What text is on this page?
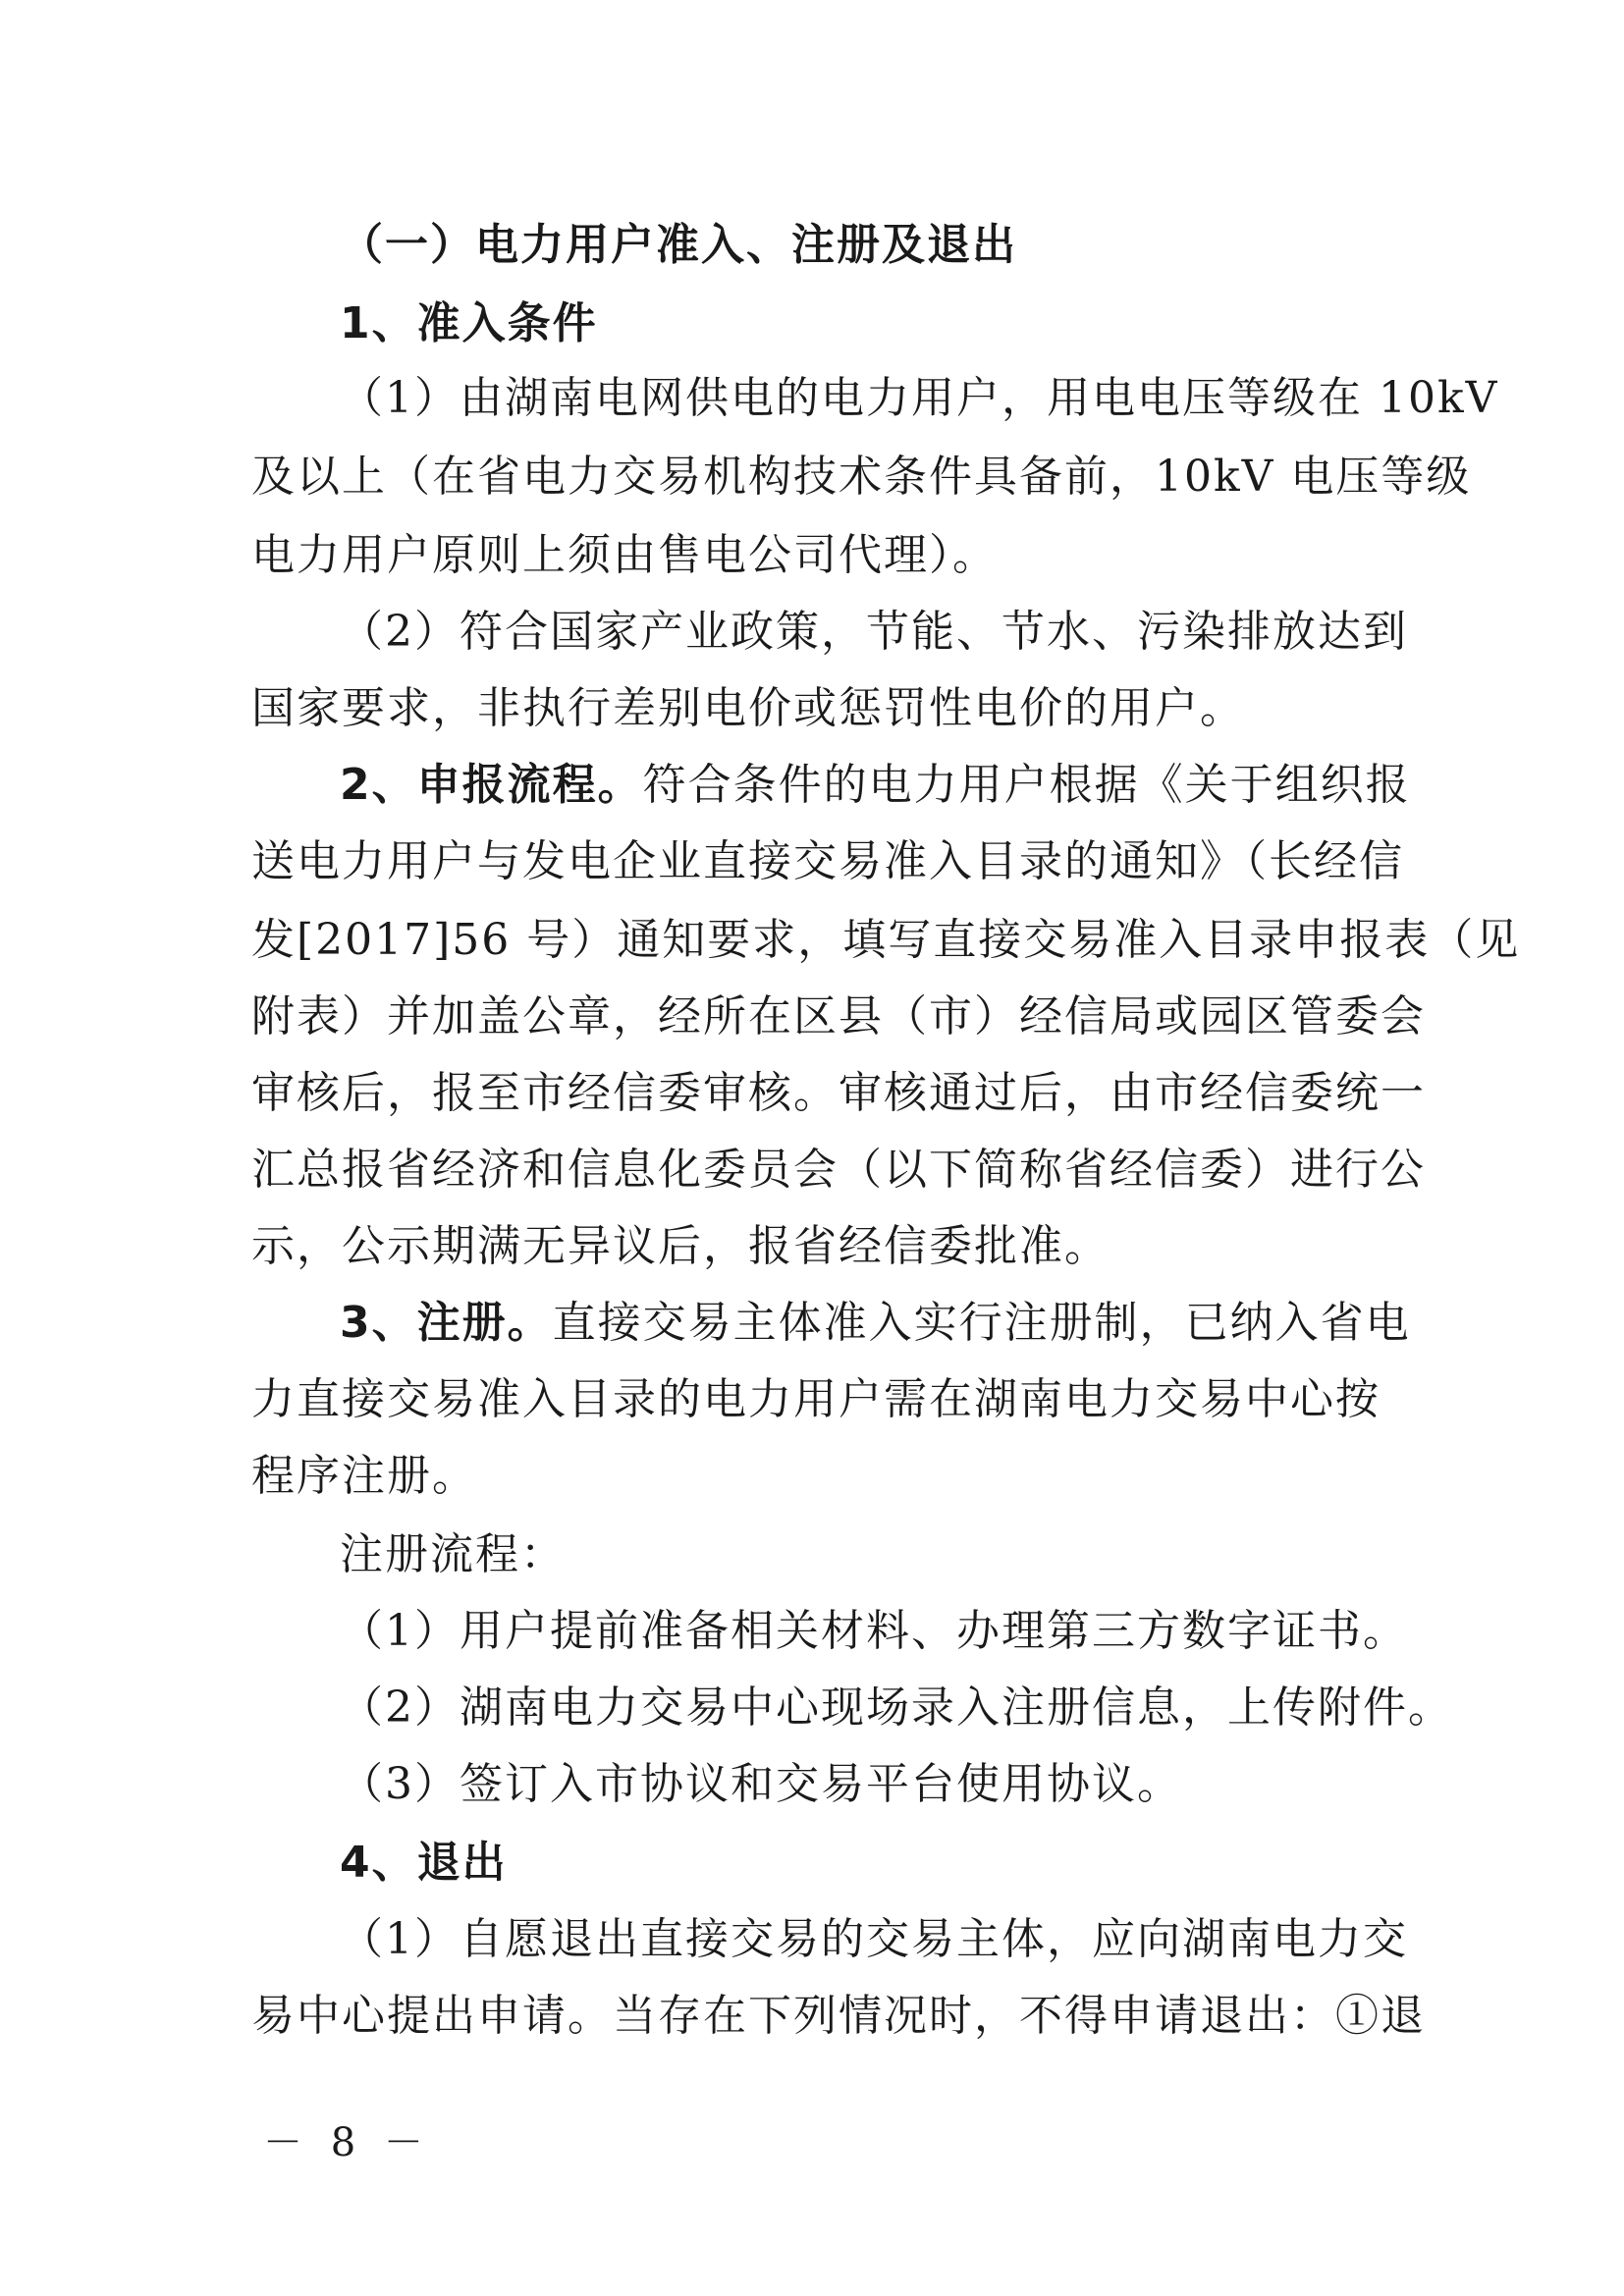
（一）电力用户准入、注册及退出
1、准入条件
（1）由湖南电网供电的电力用户，用电电压等级在 10kV
及以上（在省电力交易机构技术条件具备前，10kV 电压等级
电力用户原则上须由售电公司代理）。
（2）符合国家产业政策，节能、节水、污染排放达到
国家要求，非执行差别电价或惩罚性电价的用户。
2、申报流程。符合条件的电力用户根据《关于组织报
送电力用户与发电企业直接交易准入目录的通知》（长经信
发[2017]56 号）通知要求，填写直接交易准入目录申报表（见
附表）并加盖公章，经所在区县（市）经信局或园区管委会
审核后，报至市经信委审核。审核通过后，由市经信委统一
汇总报省经济和信息化委员会（以下简称省经信委）进行公
示，公示期满无异议后，报省经信委批准。
3、注册。直接交易主体准入实行注册制，已纳入省电
力直接交易准入目录的电力用户需在湖南电力交易中心按
程序注册。
注册流程：
（1）用户提前准备相关材料、办理第三方数字证书。
（2）湖南电力交易中心现场录入注册信息，上传附件。
（3）签订入市协议和交易平台使用协议。
4、退出
（1）自愿退出直接交易的交易主体，应向湖南电力交
易中心提出申请。当存在下列情况时，不得申请退出：①退
－ 8 －
